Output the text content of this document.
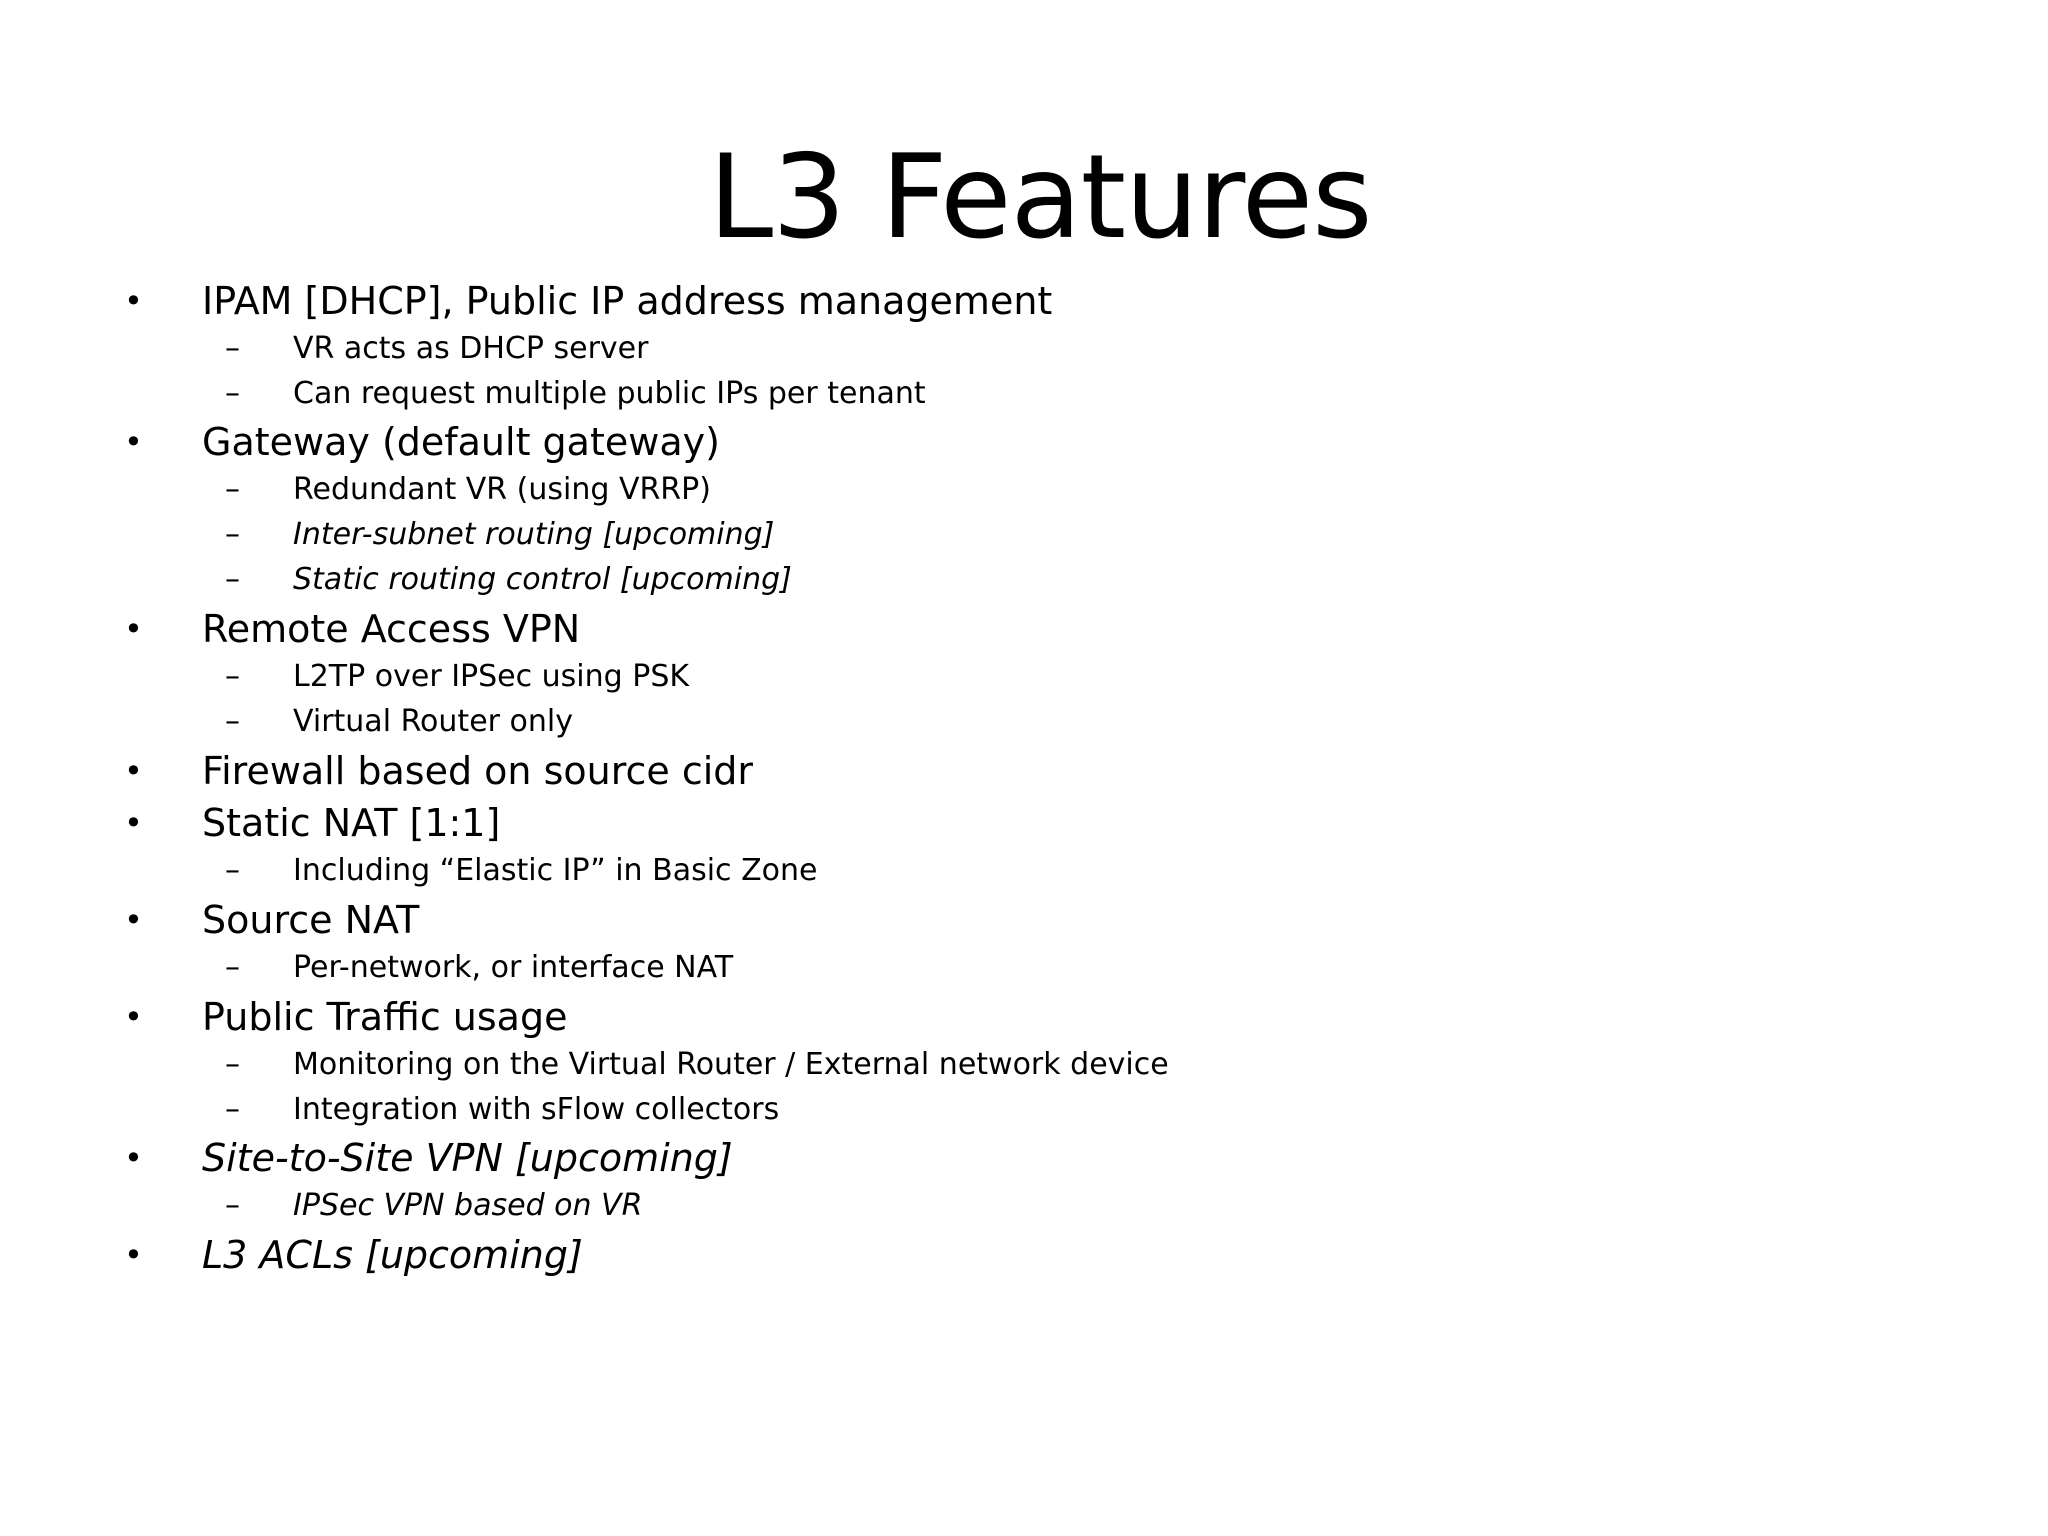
L3 Features
• IPAM [DHCP], Public IP address management
– VR acts as DHCP server
– Can request multiple public IPs per tenant
• Gateway (default gateway)
– Redundant VR (using VRRP)
– Inter-subnet routing [upcoming]
– Static routing control [upcoming]
• Remote Access VPN
– L2TP over IPSec using PSK
– Virtual Router only
• Firewall based on source cidr
• Static NAT [1:1]
– Including “Elastic IP” in Basic Zone
• Source NAT
– Per-network, or interface NAT
• Public Traffic usage
– Monitoring on the Virtual Router / External network device
– Integration with sFlow collectors
• Site-to-Site VPN [upcoming]
– IPSec VPN based on VR
• L3 ACLs [upcoming]
